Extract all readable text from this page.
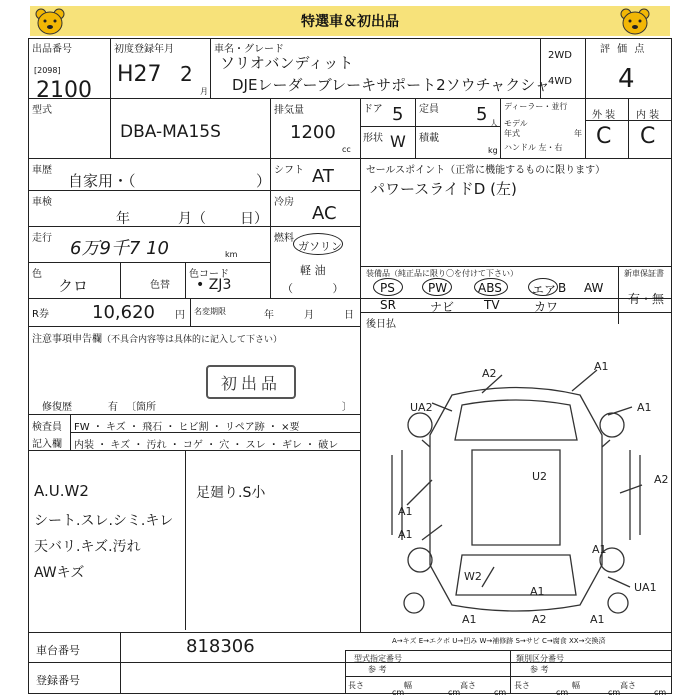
特選車＆初出品
出品番号
[2098]
2100
初度登録年月
H27 2
月
車名・グレード
ソリオバンディット
DJEレーダーブレーキサポート2ソウチャクシャ
2WD
4WD
評 価 点
4
型式
DBA-MA15S
排気量
1200
cc
ドア 5
形状 W
定員 5 人
積載
kg
ディーラー・並行
モデル
年式	年
ハンドル 左・右
外 装 内 装
C C
車歴
自家用・（	）
車検
年	月（ 日）
走行 6万9千7 10	km
色
クロ	色替
色コード
• ZJ3
シフト AT
冷房
AC
燃料
ガソリン
軽 油
（ ）
R券 10,620 円 名変期限	年	月	日
セールスポイント（正常に機能するものに限ります）
パワースライドD (左)
装備品（純正品に限り〇を付けて下さい）	新車保証書
有・無
PS	PW	ABS	エア B AW
SR	ナビ TV	カワ
後日払
注意事項申告欄（不具合内容等は具体的に記入して下さい）
初出品
修復歴	有 〔箇所	〕
検査員
記入欄
FW ・ キズ ・ 飛石 ・ ヒビ割 ・ リペア跡 ・ ×要
内装 ・ キズ ・ 汚れ ・ コゲ ・ 穴 ・ スレ ・ ギレ ・ 破レ
A.U.W2
シート.スレ.シミ.キレ
天バリ.キズ.汚れ
AWキズ
足廻り.S小
A2
A1
UA2	A1
U2	A2
A1
A1
W2
A1
A1
UA1
A1	A2	A1
A→キズ E→エクボ U→凹み W→補修跡 S→サビ C→腐食 XX→交換済
車台番号	818306
登録番号
型式指定番号
参 考
類別区分番号
参 考
長さ
cm
幅
cm
高さ
cm
長さ
cm
幅
cm
高さ
cm
